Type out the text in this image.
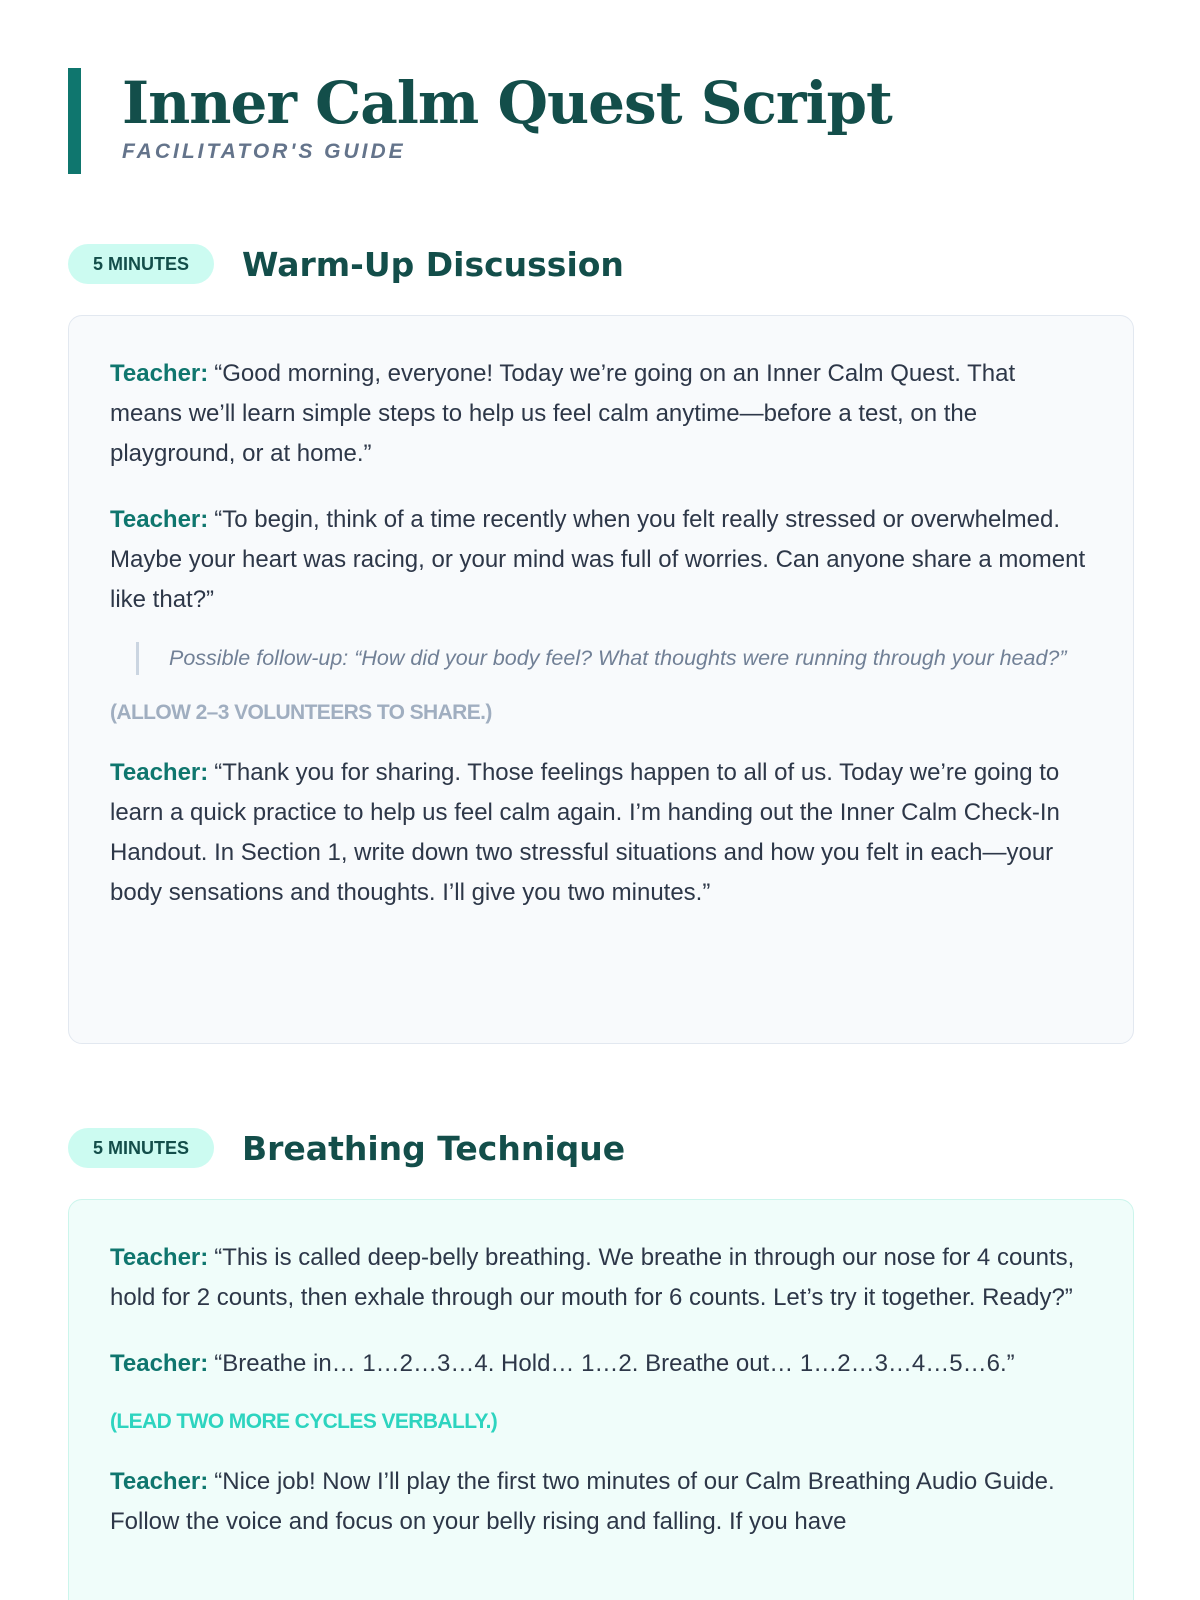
Inner Calm Quest Script
FACILITATOR'S GUIDE
5 MINUTES	Warm-Up Discussion

Teacher: “Good morning, everyone! Today we’re going on an Inner Calm Quest. That means we’ll learn simple steps to help us feel calm anytime—before a test, on the playground, or at home.”

Teacher: “To begin, think of a time recently when you felt really stressed or overwhelmed. Maybe your heart was racing, or your mind was full of worries. Can anyone share a moment like that?”

Possible follow-up: “How did your body feel? What thoughts were running through your head?”

(ALLOW 2–3 VOLUNTEERS TO SHARE.)

Teacher: “Thank you for sharing. Those feelings happen to all of us. Today we’re going to learn a quick practice to help us feel calm again. I’m handing out the Inner Calm Check-In Handout. In Section 1, write down two stressful situations and how you felt in each—your body sensations and thoughts. I’ll give you two minutes.”

5 MINUTES	Breathing Technique

Teacher: “This is called deep-belly breathing. We breathe in through our nose for 4 counts, hold for 2 counts, then exhale through our mouth for 6 counts. Let’s try it together. Ready?”

Teacher: “Breathe in… 1…2…3…4. Hold… 1…2. Breathe out… 1…2…3…4…5…6.”

(LEAD TWO MORE CYCLES VERBALLY.)

Teacher: “Nice job! Now I’ll play the first two minutes of our Calm Breathing Audio Guide. Follow the voice and focus on your belly rising and falling. If you have
